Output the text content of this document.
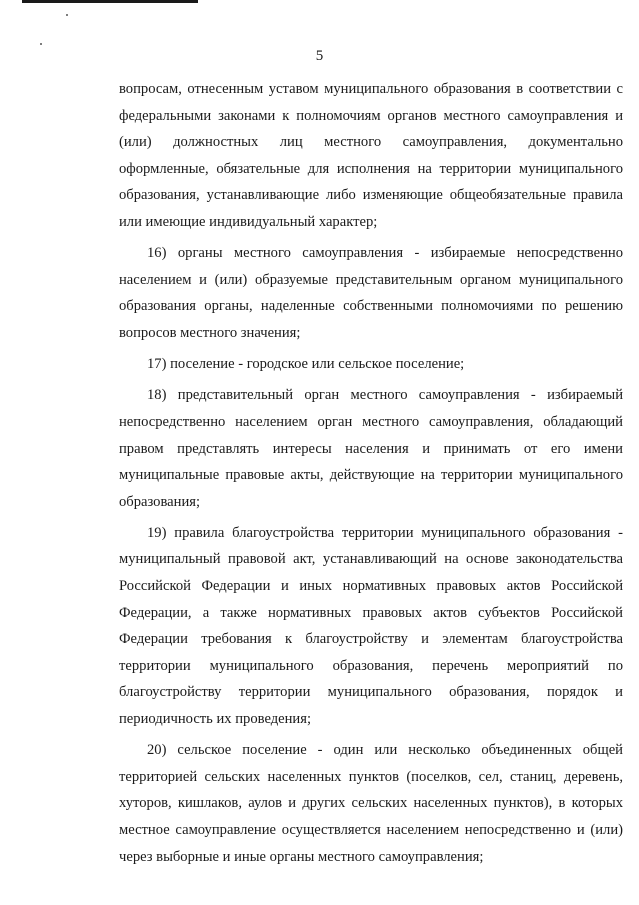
5

вопросам, отнесенным уставом муниципального образования в соответствии с федеральными законами к полномочиям органов местного самоуправления и (или) должностных лиц местного самоуправления, документально оформленные, обязательные для исполнения на территории муниципального образования, устанавливающие либо изменяющие общеобязательные правила или имеющие индивидуальный характер;

16) органы местного самоуправления - избираемые непосредственно населением и (или) образуемые представительным органом муниципального образования органы, наделенные собственными полномочиями по решению вопросов местного значения;

17) поселение - городское или сельское поселение;

18) представительный орган местного самоуправления - избираемый непосредственно населением орган местного самоуправления, обладающий правом представлять интересы населения и принимать от его имени муниципальные правовые акты, действующие на территории муниципального образования;

19) правила благоустройства территории муниципального образования - муниципальный правовой акт, устанавливающий на основе законодательства Российской Федерации и иных нормативных правовых актов Российской Федерации, а также нормативных правовых актов субъектов Российской Федерации требования к благоустройству и элементам благоустройства территории муниципального образования, перечень мероприятий по благоустройству территории муниципального образования, порядок и периодичность их проведения;

20) сельское поселение - один или несколько объединенных общей территорией сельских населенных пунктов (поселков, сел, станиц, деревень, хуторов, кишлаков, аулов и других сельских населенных пунктов), в которых местное самоуправление осуществляется населением непосредственно и (или) через выборные и иные органы местного самоуправления;
